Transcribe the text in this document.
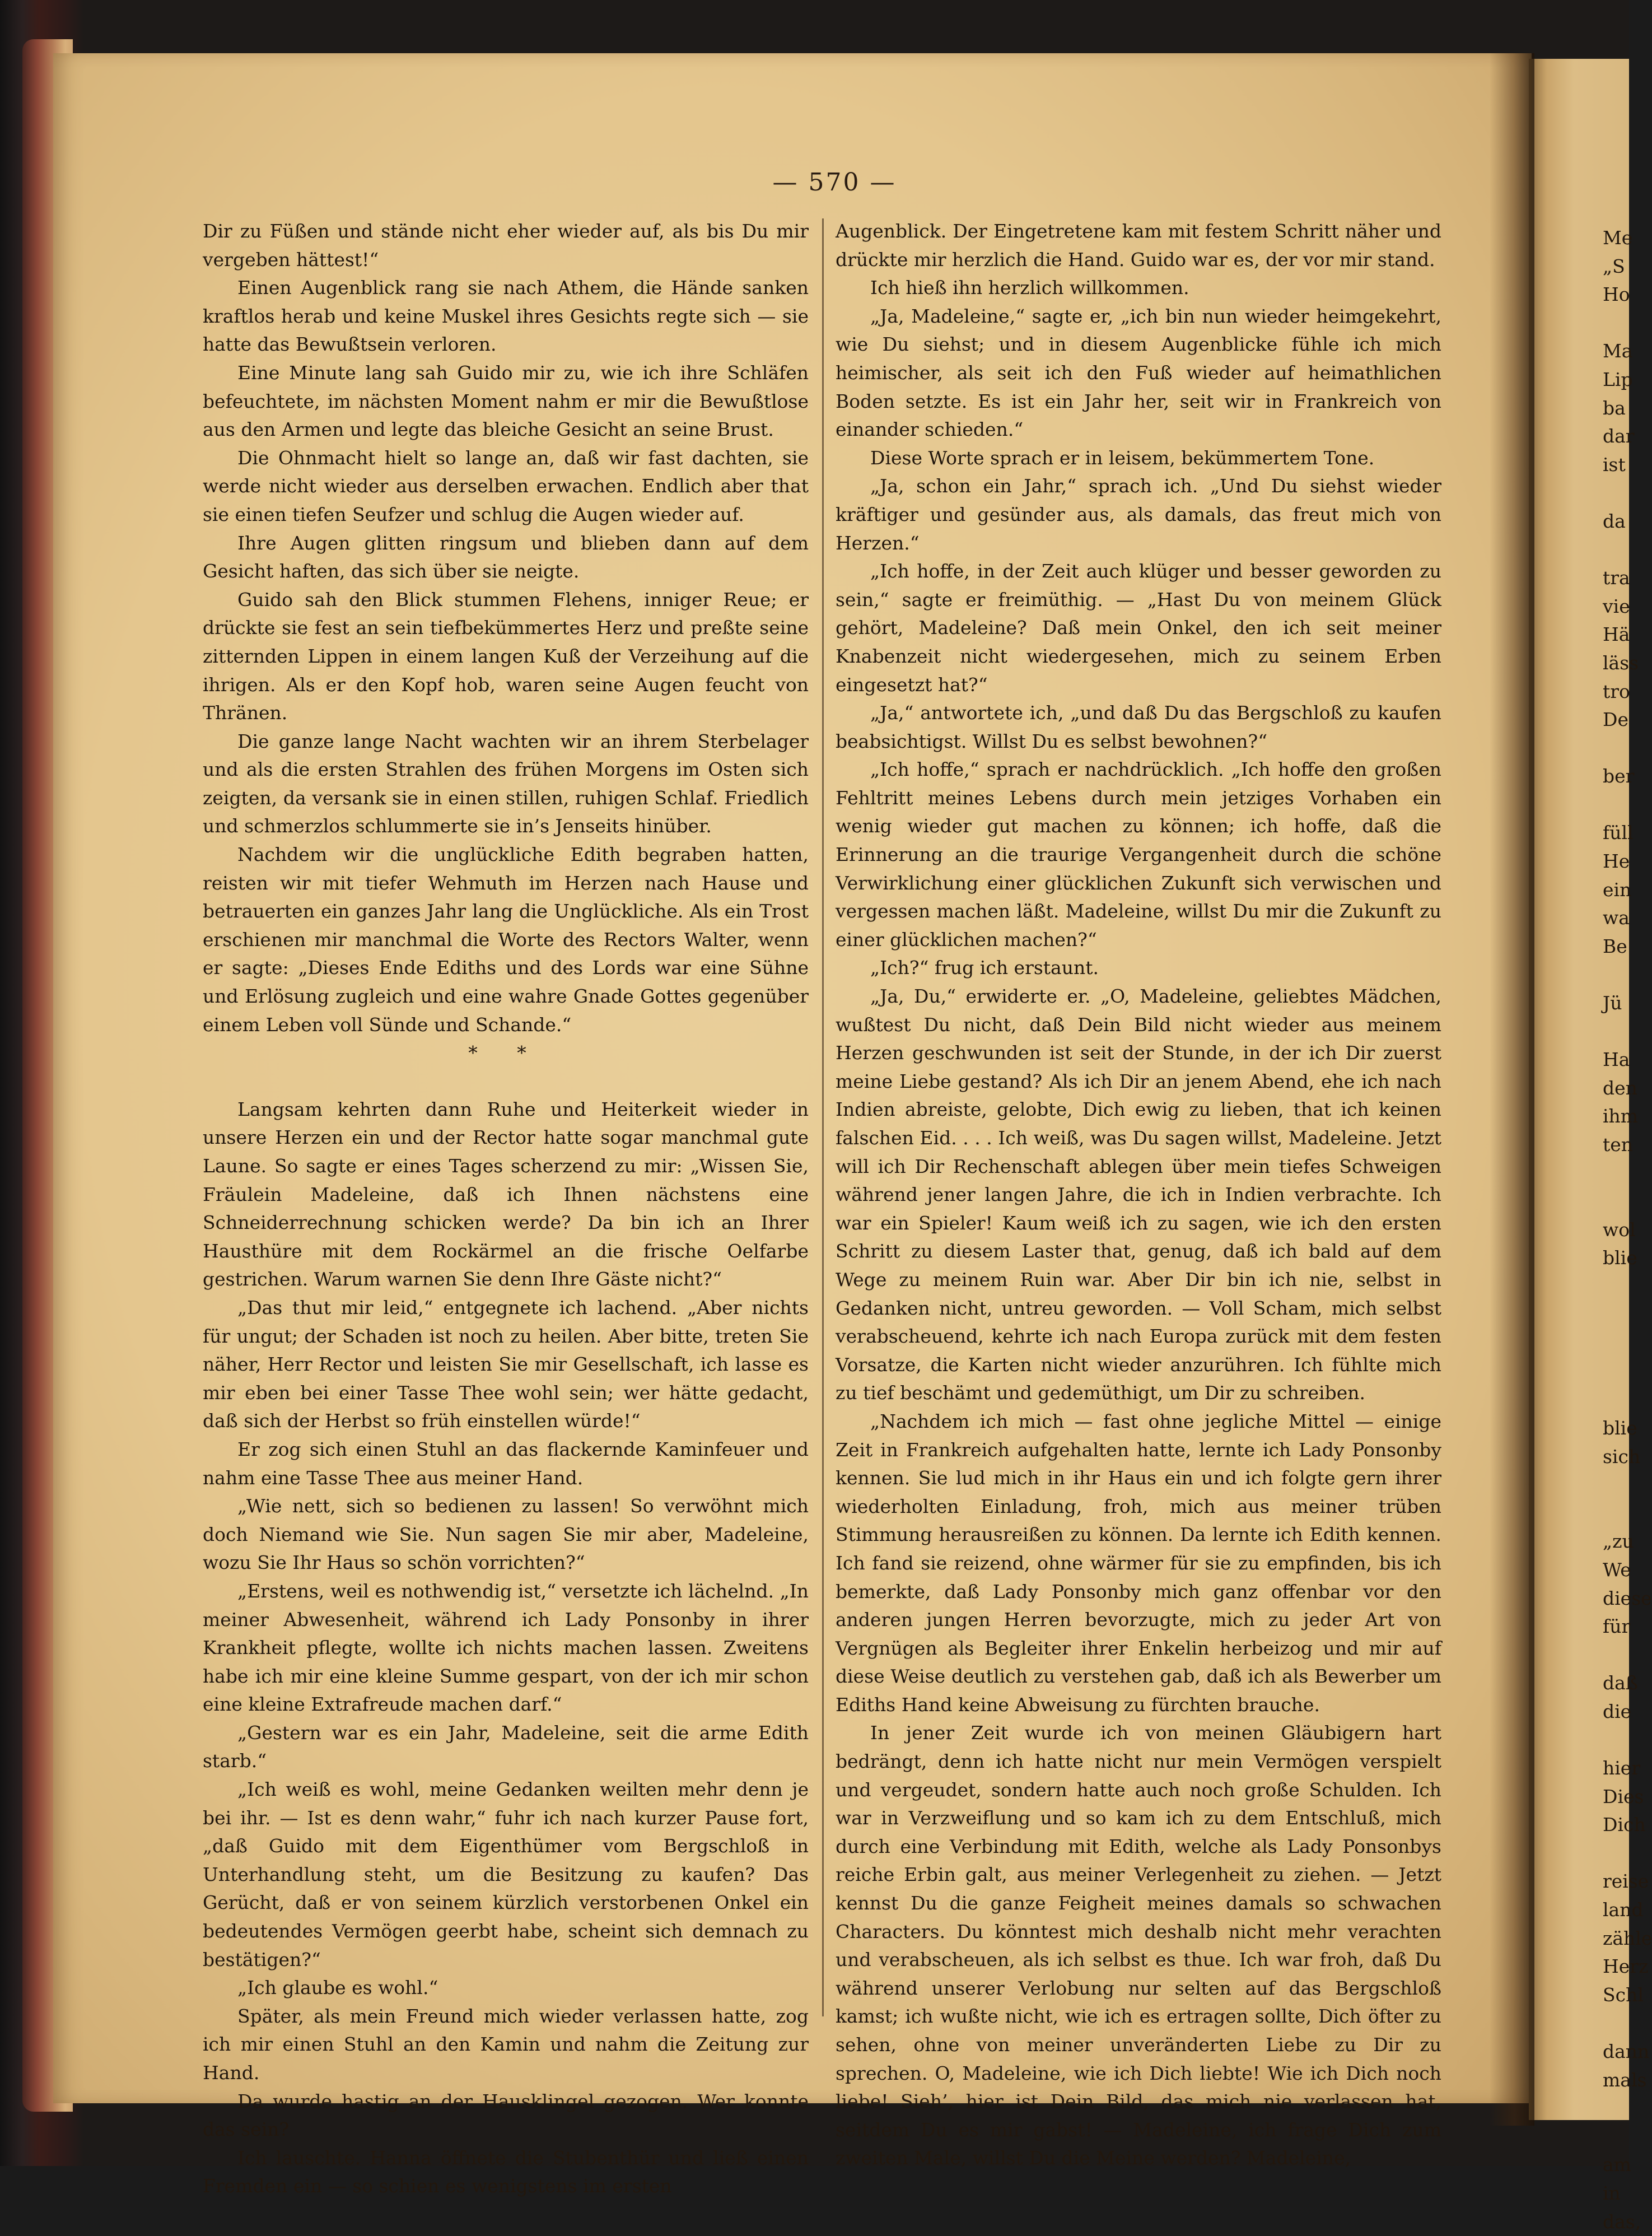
— 570 —

Dir zu Füßen und stände nicht eher wieder auf, als bis Du mir vergeben hättest!“

Einen Augenblick rang sie nach Athem, die Hände sanken kraftlos herab und keine Muskel ihres Gesichts regte sich — sie hatte das Bewußtsein verloren.

Eine Minute lang sah Guido mir zu, wie ich ihre Schläfen befeuchtete, im nächsten Moment nahm er mir die Bewußtlose aus den Armen und legte das bleiche Gesicht an seine Brust.

Die Ohnmacht hielt so lange an, daß wir fast dachten, sie werde nicht wieder aus derselben erwachen. Endlich aber that sie einen tiefen Seufzer und schlug die Augen wieder auf.

Ihre Augen glitten ringsum und blieben dann auf dem Gesicht haften, das sich über sie neigte.

Guido sah den Blick stummen Flehens, inniger Reue; er drückte sie fest an sein tiefbekümmertes Herz und preßte seine zitternden Lippen in einem langen Kuß der Verzeihung auf die ihrigen. Als er den Kopf hob, waren seine Augen feucht von Thränen.

Die ganze lange Nacht wachten wir an ihrem Sterbelager und als die ersten Strahlen des frühen Morgens im Osten sich zeigten, da versank sie in einen stillen, ruhigen Schlaf. Friedlich und schmerzlos schlummerte sie in’s Jenseits hinüber.

Nachdem wir die unglückliche Edith begraben hatten, reisten wir mit tiefer Wehmuth im Herzen nach Hause und betrauerten ein ganzes Jahr lang die Unglückliche. Als ein Trost erschienen mir manchmal die Worte des Rectors Walter, wenn er sagte: „Dieses Ende Ediths und des Lords war eine Sühne und Erlösung zugleich und eine wahre Gnade Gottes gegenüber einem Leben voll Sünde und Schande.“

* *

Langsam kehrten dann Ruhe und Heiterkeit wieder in unsere Herzen ein und der Rector hatte sogar manchmal gute Laune. So sagte er eines Tages scherzend zu mir: „Wissen Sie, Fräulein Madeleine, daß ich Ihnen nächstens eine Schneiderrechnung schicken werde? Da bin ich an Ihrer Hausthüre mit dem Rockärmel an die frische Oelfarbe gestrichen. Warum warnen Sie denn Ihre Gäste nicht?“

„Das thut mir leid,“ entgegnete ich lachend. „Aber nichts für ungut; der Schaden ist noch zu heilen. Aber bitte, treten Sie näher, Herr Rector und leisten Sie mir Gesellschaft, ich lasse es mir eben bei einer Tasse Thee wohl sein; wer hätte gedacht, daß sich der Herbst so früh einstellen würde!“

Er zog sich einen Stuhl an das flackernde Kaminfeuer und nahm eine Tasse Thee aus meiner Hand.

„Wie nett, sich so bedienen zu lassen! So verwöhnt mich doch Niemand wie Sie. Nun sagen Sie mir aber, Madeleine, wozu Sie Ihr Haus so schön vorrichten?“

„Erstens, weil es nothwendig ist,“ versetzte ich lächelnd. „In meiner Abwesenheit, während ich Lady Ponsonby in ihrer Krankheit pflegte, wollte ich nichts machen lassen. Zweitens habe ich mir eine kleine Summe gespart, von der ich mir schon eine kleine Extrafreude machen darf.“

„Gestern war es ein Jahr, Madeleine, seit die arme Edith starb.“

„Ich weiß es wohl, meine Gedanken weilten mehr denn je bei ihr. — Ist es denn wahr,“ fuhr ich nach kurzer Pause fort, „daß Guido mit dem Eigenthümer vom Bergschloß in Unterhandlung steht, um die Besitzung zu kaufen? Das Gerücht, daß er von seinem kürzlich verstorbenen Onkel ein bedeutendes Vermögen geerbt habe, scheint sich demnach zu bestätigen?“

„Ich glaube es wohl.“

Später, als mein Freund mich wieder verlassen hatte, zog ich mir einen Stuhl an den Kamin und nahm die Zeitung zur Hand.

Da wurde hastig an der Hausklingel gezogen. Wer konnte das sein?

Ich lauschte. Hanna öffnete die Stubenthür und ließ einen Fremden ein — so schien es wenigstens im ersten

Augenblick. Der Eingetretene kam mit festem Schritt näher und drückte mir herzlich die Hand. Guido war es, der vor mir stand.

Ich hieß ihn herzlich willkommen.

„Ja, Madeleine,“ sagte er, „ich bin nun wieder heimgekehrt, wie Du siehst; und in diesem Augenblicke fühle ich mich heimischer, als seit ich den Fuß wieder auf heimathlichen Boden setzte. Es ist ein Jahr her, seit wir in Frankreich von einander schieden.“

Diese Worte sprach er in leisem, bekümmertem Tone.

„Ja, schon ein Jahr,“ sprach ich. „Und Du siehst wieder kräftiger und gesünder aus, als damals, das freut mich von Herzen.“

„Ich hoffe, in der Zeit auch klüger und besser geworden zu sein,“ sagte er freimüthig. — „Hast Du von meinem Glück gehört, Madeleine? Daß mein Onkel, den ich seit meiner Knabenzeit nicht wiedergesehen, mich zu seinem Erben eingesetzt hat?“

„Ja,“ antwortete ich, „und daß Du das Bergschloß zu kaufen beabsichtigst. Willst Du es selbst bewohnen?“

„Ich hoffe,“ sprach er nachdrücklich. „Ich hoffe den großen Fehltritt meines Lebens durch mein jetziges Vorhaben ein wenig wieder gut machen zu können; ich hoffe, daß die Erinnerung an die traurige Vergangenheit durch die schöne Verwirklichung einer glücklichen Zukunft sich verwischen und vergessen machen läßt. Madeleine, willst Du mir die Zukunft zu einer glücklichen machen?“

„Ich?“ frug ich erstaunt.

„Ja, Du,“ erwiderte er. „O, Madeleine, geliebtes Mädchen, wußtest Du nicht, daß Dein Bild nicht wieder aus meinem Herzen geschwunden ist seit der Stunde, in der ich Dir zuerst meine Liebe gestand? Als ich Dir an jenem Abend, ehe ich nach Indien abreiste, gelobte, Dich ewig zu lieben, that ich keinen falschen Eid. . . . Ich weiß, was Du sagen willst, Madeleine. Jetzt will ich Dir Rechenschaft ablegen über mein tiefes Schweigen während jener langen Jahre, die ich in Indien verbrachte. Ich war ein Spieler! Kaum weiß ich zu sagen, wie ich den ersten Schritt zu diesem Laster that, genug, daß ich bald auf dem Wege zu meinem Ruin war. Aber Dir bin ich nie, selbst in Gedanken nicht, untreu geworden. — Voll Scham, mich selbst verabscheuend, kehrte ich nach Europa zurück mit dem festen Vorsatze, die Karten nicht wieder anzurühren. Ich fühlte mich zu tief beschämt und gedemüthigt, um Dir zu schreiben.

„Nachdem ich mich — fast ohne jegliche Mittel — einige Zeit in Frankreich aufgehalten hatte, lernte ich Lady Ponsonby kennen. Sie lud mich in ihr Haus ein und ich folgte gern ihrer wiederholten Einladung, froh, mich aus meiner trüben Stimmung herausreißen zu können. Da lernte ich Edith kennen. Ich fand sie reizend, ohne wärmer für sie zu empfinden, bis ich bemerkte, daß Lady Ponsonby mich ganz offenbar vor den anderen jungen Herren bevorzugte, mich zu jeder Art von Vergnügen als Begleiter ihrer Enkelin herbeizog und mir auf diese Weise deutlich zu verstehen gab, daß ich als Bewerber um Ediths Hand keine Abweisung zu fürchten brauche.

In jener Zeit wurde ich von meinen Gläubigern hart bedrängt, denn ich hatte nicht nur mein Vermögen verspielt und vergeudet, sondern hatte auch noch große Schulden. Ich war in Verzweiflung und so kam ich zu dem Entschluß, mich durch eine Verbindung mit Edith, welche als Lady Ponsonbys reiche Erbin galt, aus meiner Verlegenheit zu ziehen. — Jetzt kennst Du die ganze Feigheit meines damals so schwachen Characters. Du könntest mich deshalb nicht mehr verachten und verabscheuen, als ich selbst es thue. Ich war froh, daß Du während unserer Verlobung nur selten auf das Bergschloß kamst; ich wußte nicht, wie ich es ertragen sollte, Dich öfter zu sehen, ohne von meiner unveränderten Liebe zu Dir zu sprechen. O, Madeleine, wie ich Dich liebte! Wie ich Dich noch liebe! Sieh’, hier ist Dein Bild, das mich nie verlassen hat, seitdem Du es mir gabst! — Madeleine, ich frage Dich zum zweiten Male, willst Du die Meine werden? Madeleine,

Me
„S
Ho
Ma
Lip
ba
dar
ist
da
tra
vie
Hä
läss
tro
De
ber
füll
He
ein
wa
Be
Jü
Ha
den
ihm
ten
wol
blie
blie
sich
„zu
We
diese
für
daß
die
hier
Dies
Dich
reise
land
zähle
Herz
Schl
dann
mals
am
in
das,
